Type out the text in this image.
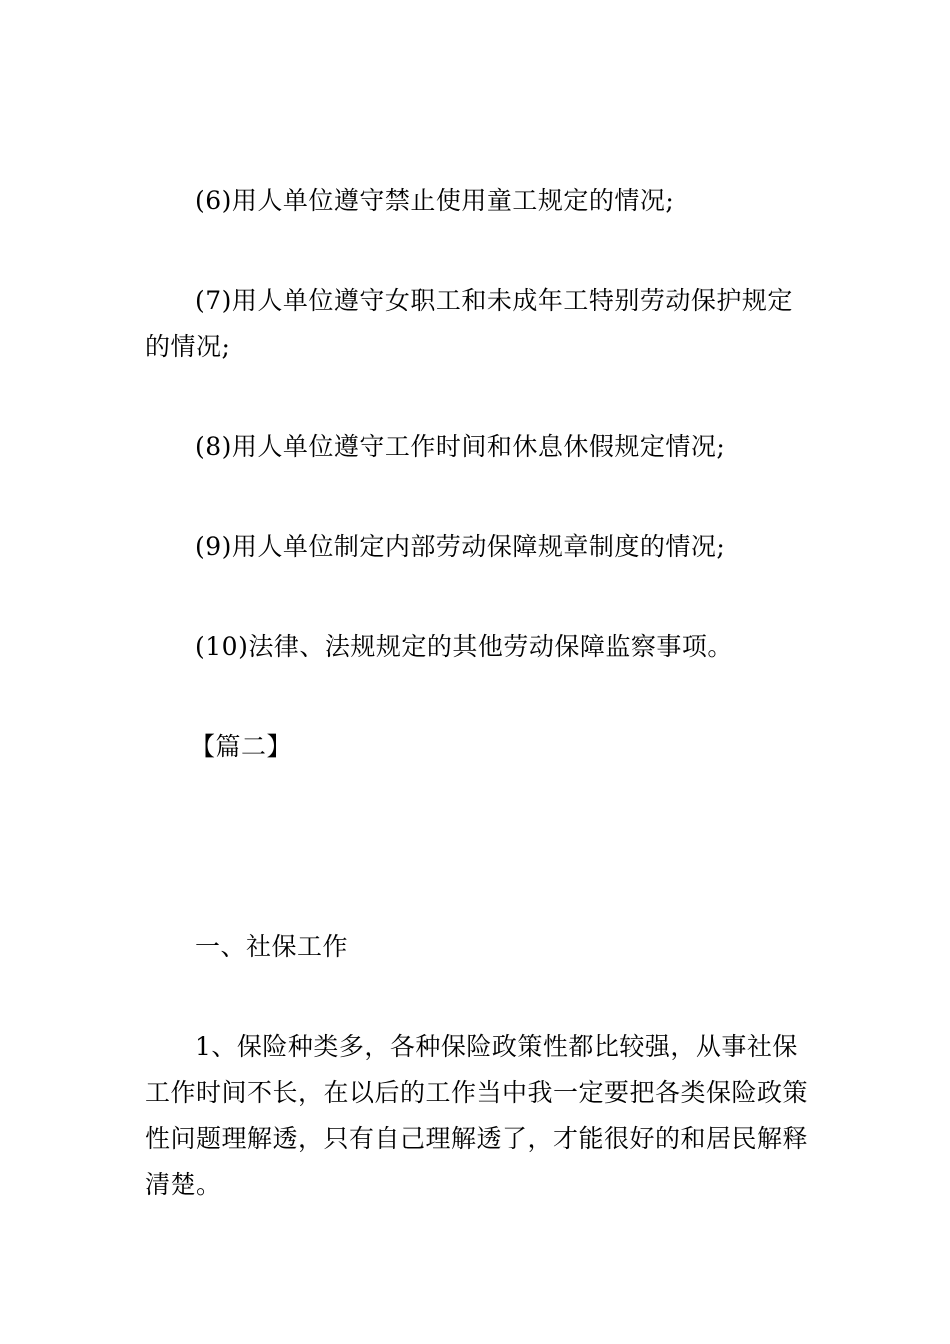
(6)用人单位遵守禁止使用童工规定的情况;

(7)用人单位遵守女职工和未成年工特别劳动保护规定的情况;

(8)用人单位遵守工作时间和休息休假规定情况;

(9)用人单位制定内部劳动保障规章制度的情况;

(10)法律、法规规定的其他劳动保障监察事项。

【篇二】

一、社保工作

1、保险种类多，各种保险政策性都比较强，从事社保工作时间不长，在以后的工作当中我一定要把各类保险政策性问题理解透，只有自己理解透了，才能很好的和居民解释清楚。
